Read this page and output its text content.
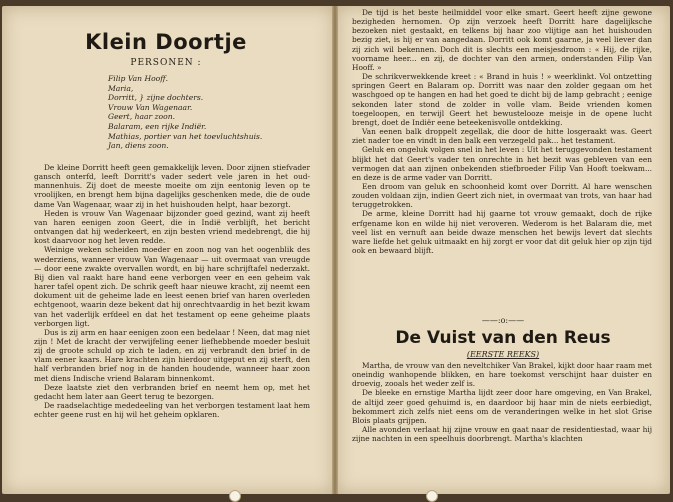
Klein Doortje
PERSONEN :
Filip Van Hooff.
Maria,
Dorritt, } zijne dochters.
Vrouw Van Wagenaar.
Geert, haar zoon.
Balaram, een rijke Indiër.
Mathias, portier van het toevluchtshuis.
Jan, diens zoon.

De kleine Dorritt heeft geen gemakkelijk leven. Door zijnen stiefvader gansch onterfd, leeft Dorritt's vader sedert vele jaren in het oud-mannenhuis. Zij doet de meeste moeite om zijn eentonig leven op te vroolijken, en brengt hem bijna dagelijks geschenken mede, die de oude dame Van Wagenaar, waar zij in het huishouden helpt, haar bezorgt.

Heden is vrouw Van Wagenaar bijzonder goed gezind, want zij heeft van haren eenigen zoon Geert, die in Indië verblijft, het bericht ontvangen dat hij wederkeert, en zijn besten vriend medebrengt, die hij kost daarvoor nog het leven redde.

Weinige weken scheiden moeder en zoon nog van het oogenblik des wederziens, wanneer vrouw Van Wagenaar — uit overmaat van vreugde — door eene zwakte overvallen wordt, en bij hare schrijftafel nederzakt. Bij dien val raakt hare hand eene verborgen veer en een geheim vak harer tafel opent zich. De schrik geeft haar nieuwe kracht, zij neemt een dokument uit de geheime lade en leest eenen brief van haren overleden echtgenoot, waarin deze bekent dat hij onrechtvaardig in het bezit kwam van het vaderlijk erfdeel en dat het testament op eene geheime plaats verborgen ligt.

Dus is zij arm en haar eenigen zoon een bedelaar ! Neen, dat mag niet zijn ! Met de kracht der verwijfeling eener liefhebbende moeder besluit zij de groote schuld op zich te laden, en zij verbrandt den brief in de vlam eener kaars. Hare krachten zijn hierdoor uitgeput en zij sterft, den half verbranden brief nog in de handen houdende, wanneer haar zoon met diens Indische vriend Balaram binnenkomt.

Deze laatste ziet den verbranden brief en neemt hem op, met het gedacht hem later aan Geert terug te bezorgen.

De raadselachtige mededeeling van het verborgen testament laat hem echter geene rust en hij wil het geheim opklaren.

De tijd is het beste heilmiddel voor elke smart. Geert heeft zijne gewone bezigheden hernomen. Op zijn verzoek heeft Dorritt hare dagelijksche bezoeken niet gestaakt, en telkens bij haar zoo vlijtige aan het huishouden bezig ziet, is hij er van aangedaan. Dorritt ook komt gaarne, ja veel liever dan zij zich wil bekennen. Doch dit is slechts een meisjesdroom : « Hij, de rijke, voorname heer... en zij, de dochter van den armen, onderstanden Filip Van Hooff. »

De schrikverwekkende kreet : « Brand in huis ! » weerklinkt. Vol ontzetting springen Geert en Balaram op. Dorritt was naar den zolder gegaan om het waschgoed op te hangen en had het goed te dicht bij de lamp gebracht ; eenige sekonden later stond de zolder in volle vlam. Beide vrienden komen toegeloopen, en terwijl Geert het bewustelooze meisje in de opene lucht brengt, doet de Indiër eene beteekenisvolle ontdekking.

Van eenen balk droppelt zegellak, die door de hitte losgeraakt was. Geert ziet nader toe en vindt in den balk een verzegeld pak... het testament.

Geluk en ongeluk volgen snel in het leven : Uit het teruggevonden testament blijkt het dat Geert's vader ten onrechte in het bezit was gebleven van een vermogen dat aan zijnen onbekenden stiefbroeder Filip Van Hooft toekwam... en deze is de arme vader van Dorritt.

Een droom van geluk en schoonheid komt over Dorritt. Al hare wenschen zouden voldaan zijn, indien Geert zich niet, in overmaat van trots, van haar had teruggetrokken.

De arme, kleine Dorritt had hij gaarne tot vrouw gemaakt, doch de rijke erfgename kon en wilde hij niet veroveren. Wederom is het Balaram die, met veel list en vernuft aan beide dwaze menschen het bewijs levert dat slechts ware liefde het geluk uitmaakt en hij zorgt er voor dat dit geluk hier op zijn tijd ook en bewaard blijft.

——:o:——
De Vuist van den Reus
(EERSTE REEKS)

Martha, de vrouw van den neveltchiker Van Brakel, kijkt door haar raam met oneindig wanhopende blikken, en hare toekomst verschijnt haar duister en droevig, zooals het weder zelf is.

De bleeke en ernstige Martha lijdt zeer door hare omgeving, en Van Brakel, de altijd zeer goed gehuimd is, en daardoor bij haar min de niets eerbiedigt, bekommert zich zelfs niet eens om de veranderingen welke in het slot Grise Blois plaats grijpen.

Alle avonden verlaat hij zijne vrouw en gaat naar de residentiestad, waar hij zijne nachten in een speelhuis doorbrengt. Martha's klachten
